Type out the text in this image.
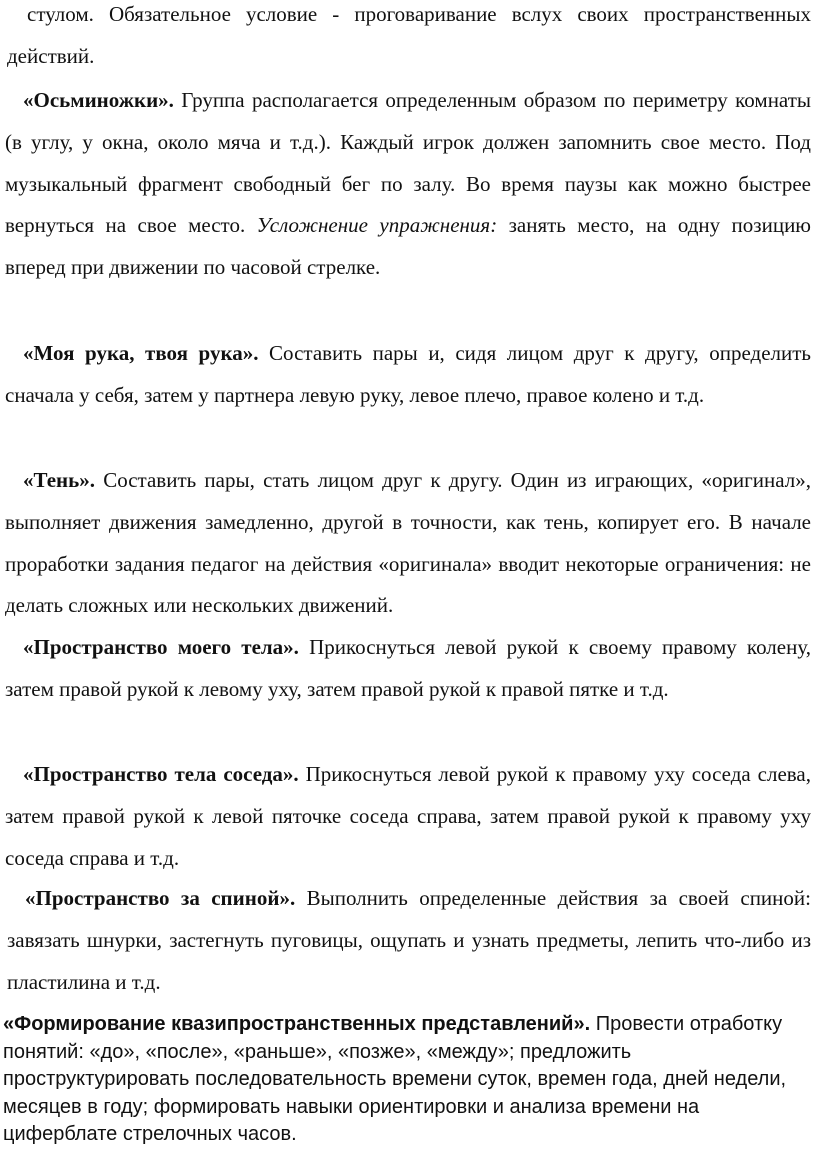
стулом. Обязательное условие - проговаривание вслух своих пространственных действий.

«Осьминожки». Группа располагается определенным образом по периметру комнаты (в углу, у окна, около мяча и т.д.). Каждый игрок должен запомнить свое место. Под музыкальный фрагмент свободный бег по залу. Во время паузы как можно быстрее вернуться на свое место. Усложнение упражнения: занять место, на одну позицию вперед при движении по часовой стрелке.

«Моя рука, твоя рука». Составить пары и, сидя лицом друг к другу, определить сначала у себя, затем у партнера левую руку, левое плечо, правое колено и т.д.

«Тень». Составить пары, стать лицом друг к другу. Один из играющих, «оригинал», выполняет движения замедленно, другой в точности, как тень, копирует его. В начале проработки задания педагог на действия «оригинала» вводит некоторые ограничения: не делать сложных или нескольких движений.

«Пространство моего тела». Прикоснуться левой рукой к своему правому колену, затем правой рукой к левому уху, затем правой рукой к правой пятке и т.д.

«Пространство тела соседа». Прикоснуться левой рукой к правому уху соседа слева, затем правой рукой к левой пяточке соседа справа, затем правой рукой к правому уху соседа справа и т.д.

«Пространство за спиной». Выполнить определенные действия за своей спиной: завязать шнурки, застегнуть пуговицы, ощупать и узнать предметы, лепить что-либо из пластилина и т.д.

«Формирование квазипространственных представлений». Провести отработку понятий: «до», «после», «раньше», «позже», «между»; предложить проструктурировать последовательность времени суток, времен года, дней недели, месяцев в году; формировать навыки ориентировки и анализа времени на циферблате стрелочных часов.
